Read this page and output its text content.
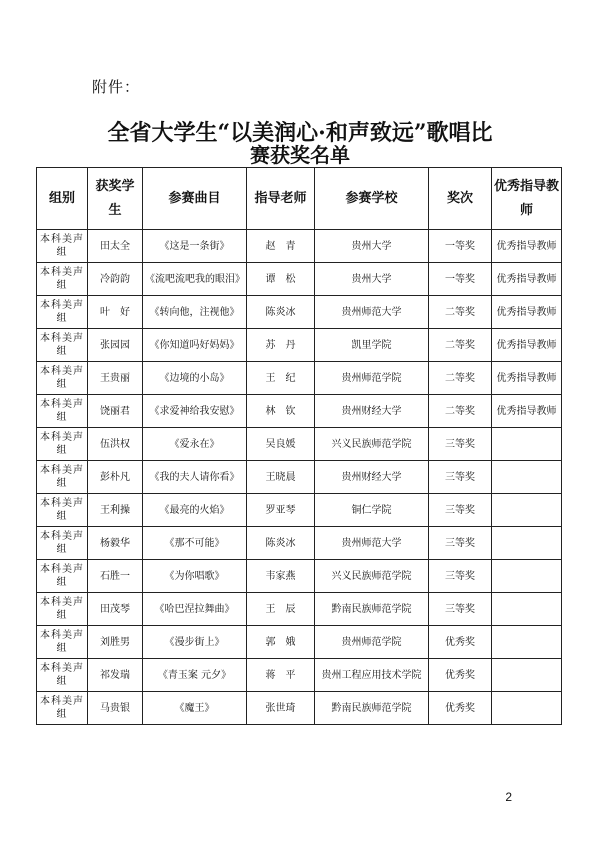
附件：
全省大学生“以美润心·和声致远”歌唱比
赛获奖名单
组别	获奖学生	参赛曲目	指导老师	参赛学校	奖次	优秀指导教师
本科美声组	田太全	《这是一条街》	赵　青	贵州大学	一等奖	优秀指导教师
本科美声组	冷韵韵	《流吧流吧我的眼泪》	谭　松	贵州大学	一等奖	优秀指导教师
本科美声组	叶　好	《转向他，注视他》	陈炎冰	贵州师范大学	二等奖	优秀指导教师
本科美声组	张园园	《你知道吗好妈妈》	苏　丹	凯里学院	二等奖	优秀指导教师
本科美声组	王贵丽	《边境的小岛》	王　纪	贵州师范学院	二等奖	优秀指导教师
本科美声组	饶丽君	《求爱神给我安慰》	林　钦	贵州财经大学	二等奖	优秀指导教师
本科美声组	伍洪权	《爱永在》	吴良媛	兴义民族师范学院	三等奖	
本科美声组	彭朴凡	《我的夫人请你看》	王晓晨	贵州财经大学	三等奖	
本科美声组	王利操	《最亮的火焰》	罗亚琴	铜仁学院	三等奖	
本科美声组	杨毅华	《那不可能》	陈炎冰	贵州师范大学	三等奖	
本科美声组	石胜一	《为你唱歌》	韦家燕	兴义民族师范学院	三等奖	
本科美声组	田茂琴	《哈巴涅拉舞曲》	王　辰	黔南民族师范学院	三等奖	
本科美声组	刘胜男	《漫步街上》	郭　娥	贵州师范学院	优秀奖	
本科美声组	祁发瑞	《青玉案 元夕》	蒋　平	贵州工程应用技术学院	优秀奖	
本科美声组	马贵银	《魔王》	张世琦	黔南民族师范学院	优秀奖	
2
